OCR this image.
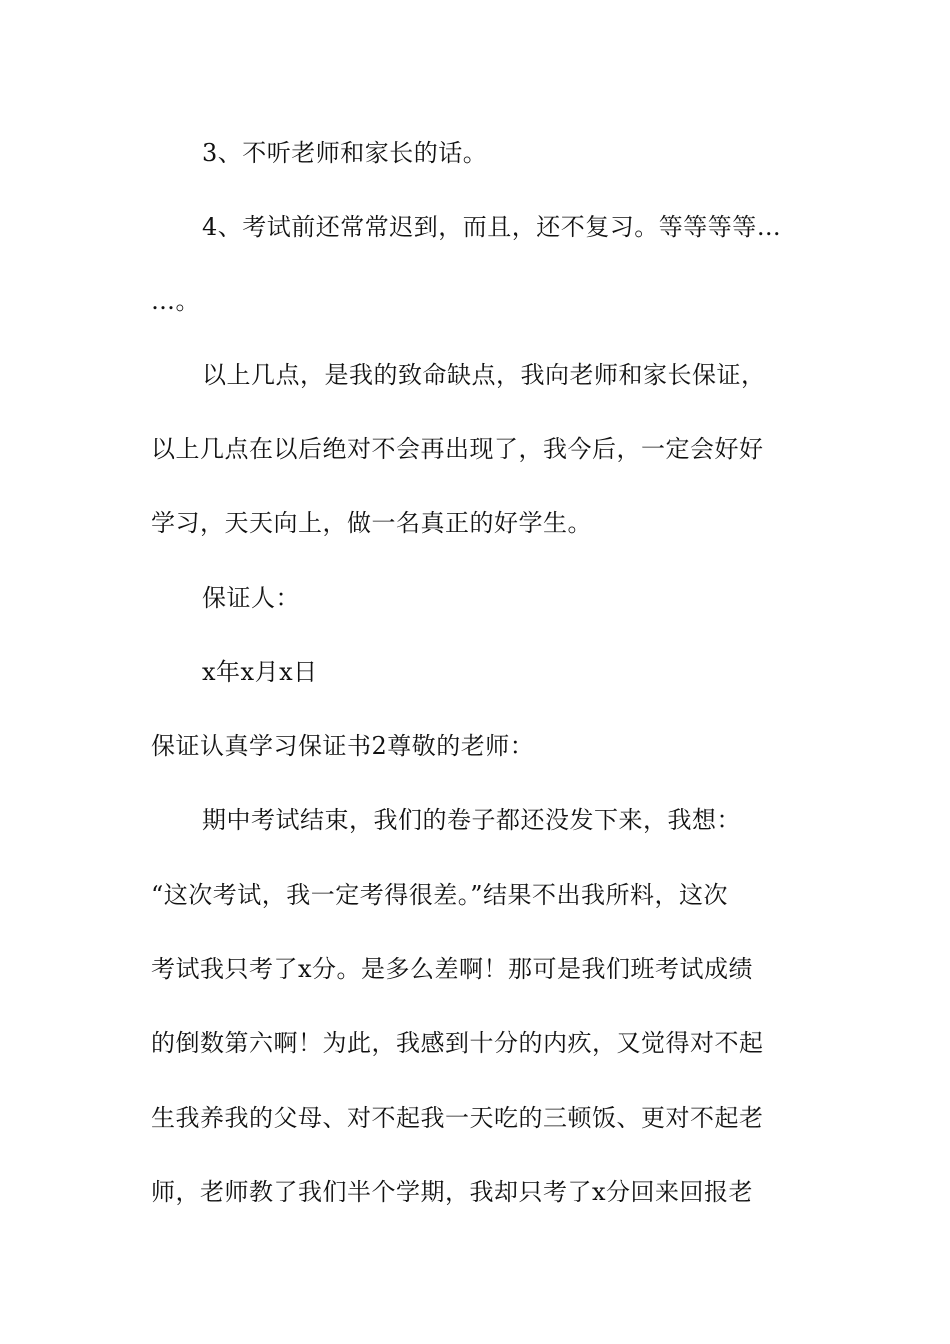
3、不听老师和家长的话。
4、考试前还常常迟到，而且，还不复习。等等等等…
…。
以上几点，是我的致命缺点，我向老师和家长保证，
以上几点在以后绝对不会再出现了，我今后，一定会好好
学习，天天向上，做一名真正的好学生。
保证人：
x年x月x日
保证认真学习保证书2尊敬的老师：
期中考试结束，我们的卷子都还没发下来，我想：
“这次考试，我一定考得很差。”结果不出我所料，这次
考试我只考了x分。是多么差啊！那可是我们班考试成绩
的倒数第六啊！为此，我感到十分的内疚，又觉得对不起
生我养我的父母、对不起我一天吃的三顿饭、更对不起老
师，老师教了我们半个学期，我却只考了x分回来回报老
